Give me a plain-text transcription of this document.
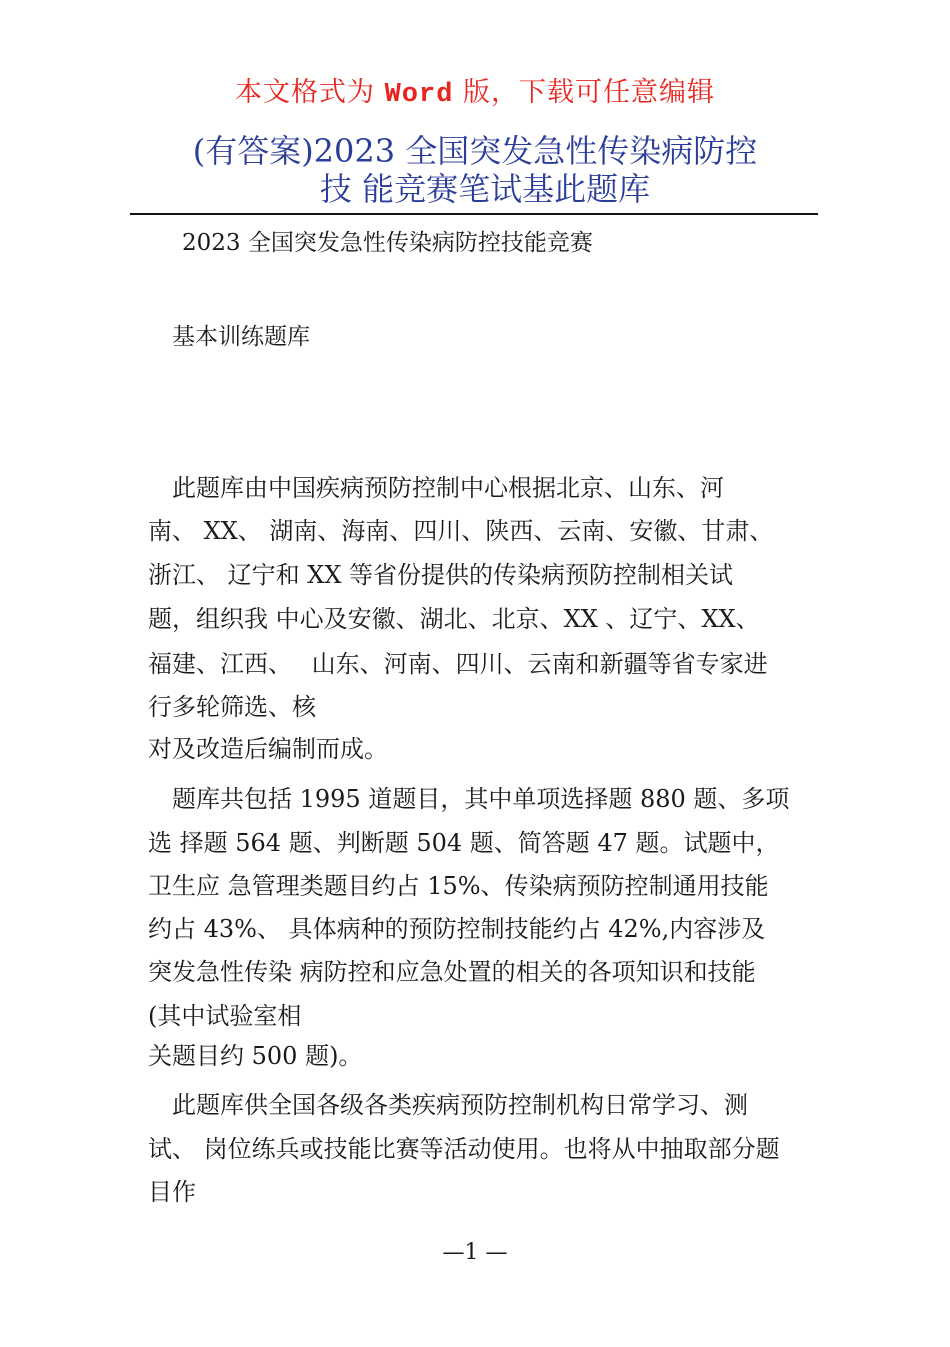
本文格式为 Word 版，下载可任意编辑
(有答案)2023 全国突发急性传染病防控
技 能竞赛笔试基此题库
2023 全国突发急性传染病防控技能竞赛
基本训练题库
　此题库由中国疾病预防控制中心根据北京、山东、河
南、 XX、 湖南、海南、四川、陕西、云南、安徽、甘肃、
浙江、 辽宁和 XX 等省份提供的传染病预防控制相关试
题，组织我 中心及安徽、湖北、北京、XX 、辽宁、XX、
福建、江西、　 山东、河南、四川、云南和新疆等省专家进
行多轮筛选、核
对及改造后编制而成。
　题库共包括 1995 道题目，其中单项选择题 880 题、多项
选 择题 564 题、判断题 504 题、简答题 47 题。试题中，
卫生应 急管理类题目约占 15%、传染病预防控制通用技能
约占 43%、 具体病种的预防控制技能约占 42%,内容涉及
突发急性传染 病防控和应急处置的相关的各项知识和技能
(其中试验室相
关题目约 500 题)。
　此题库供全国各级各类疾病预防控制机构日常学习、测
试、 岗位练兵或技能比赛等活动使用。也将从中抽取部分题
目作
—1 —
